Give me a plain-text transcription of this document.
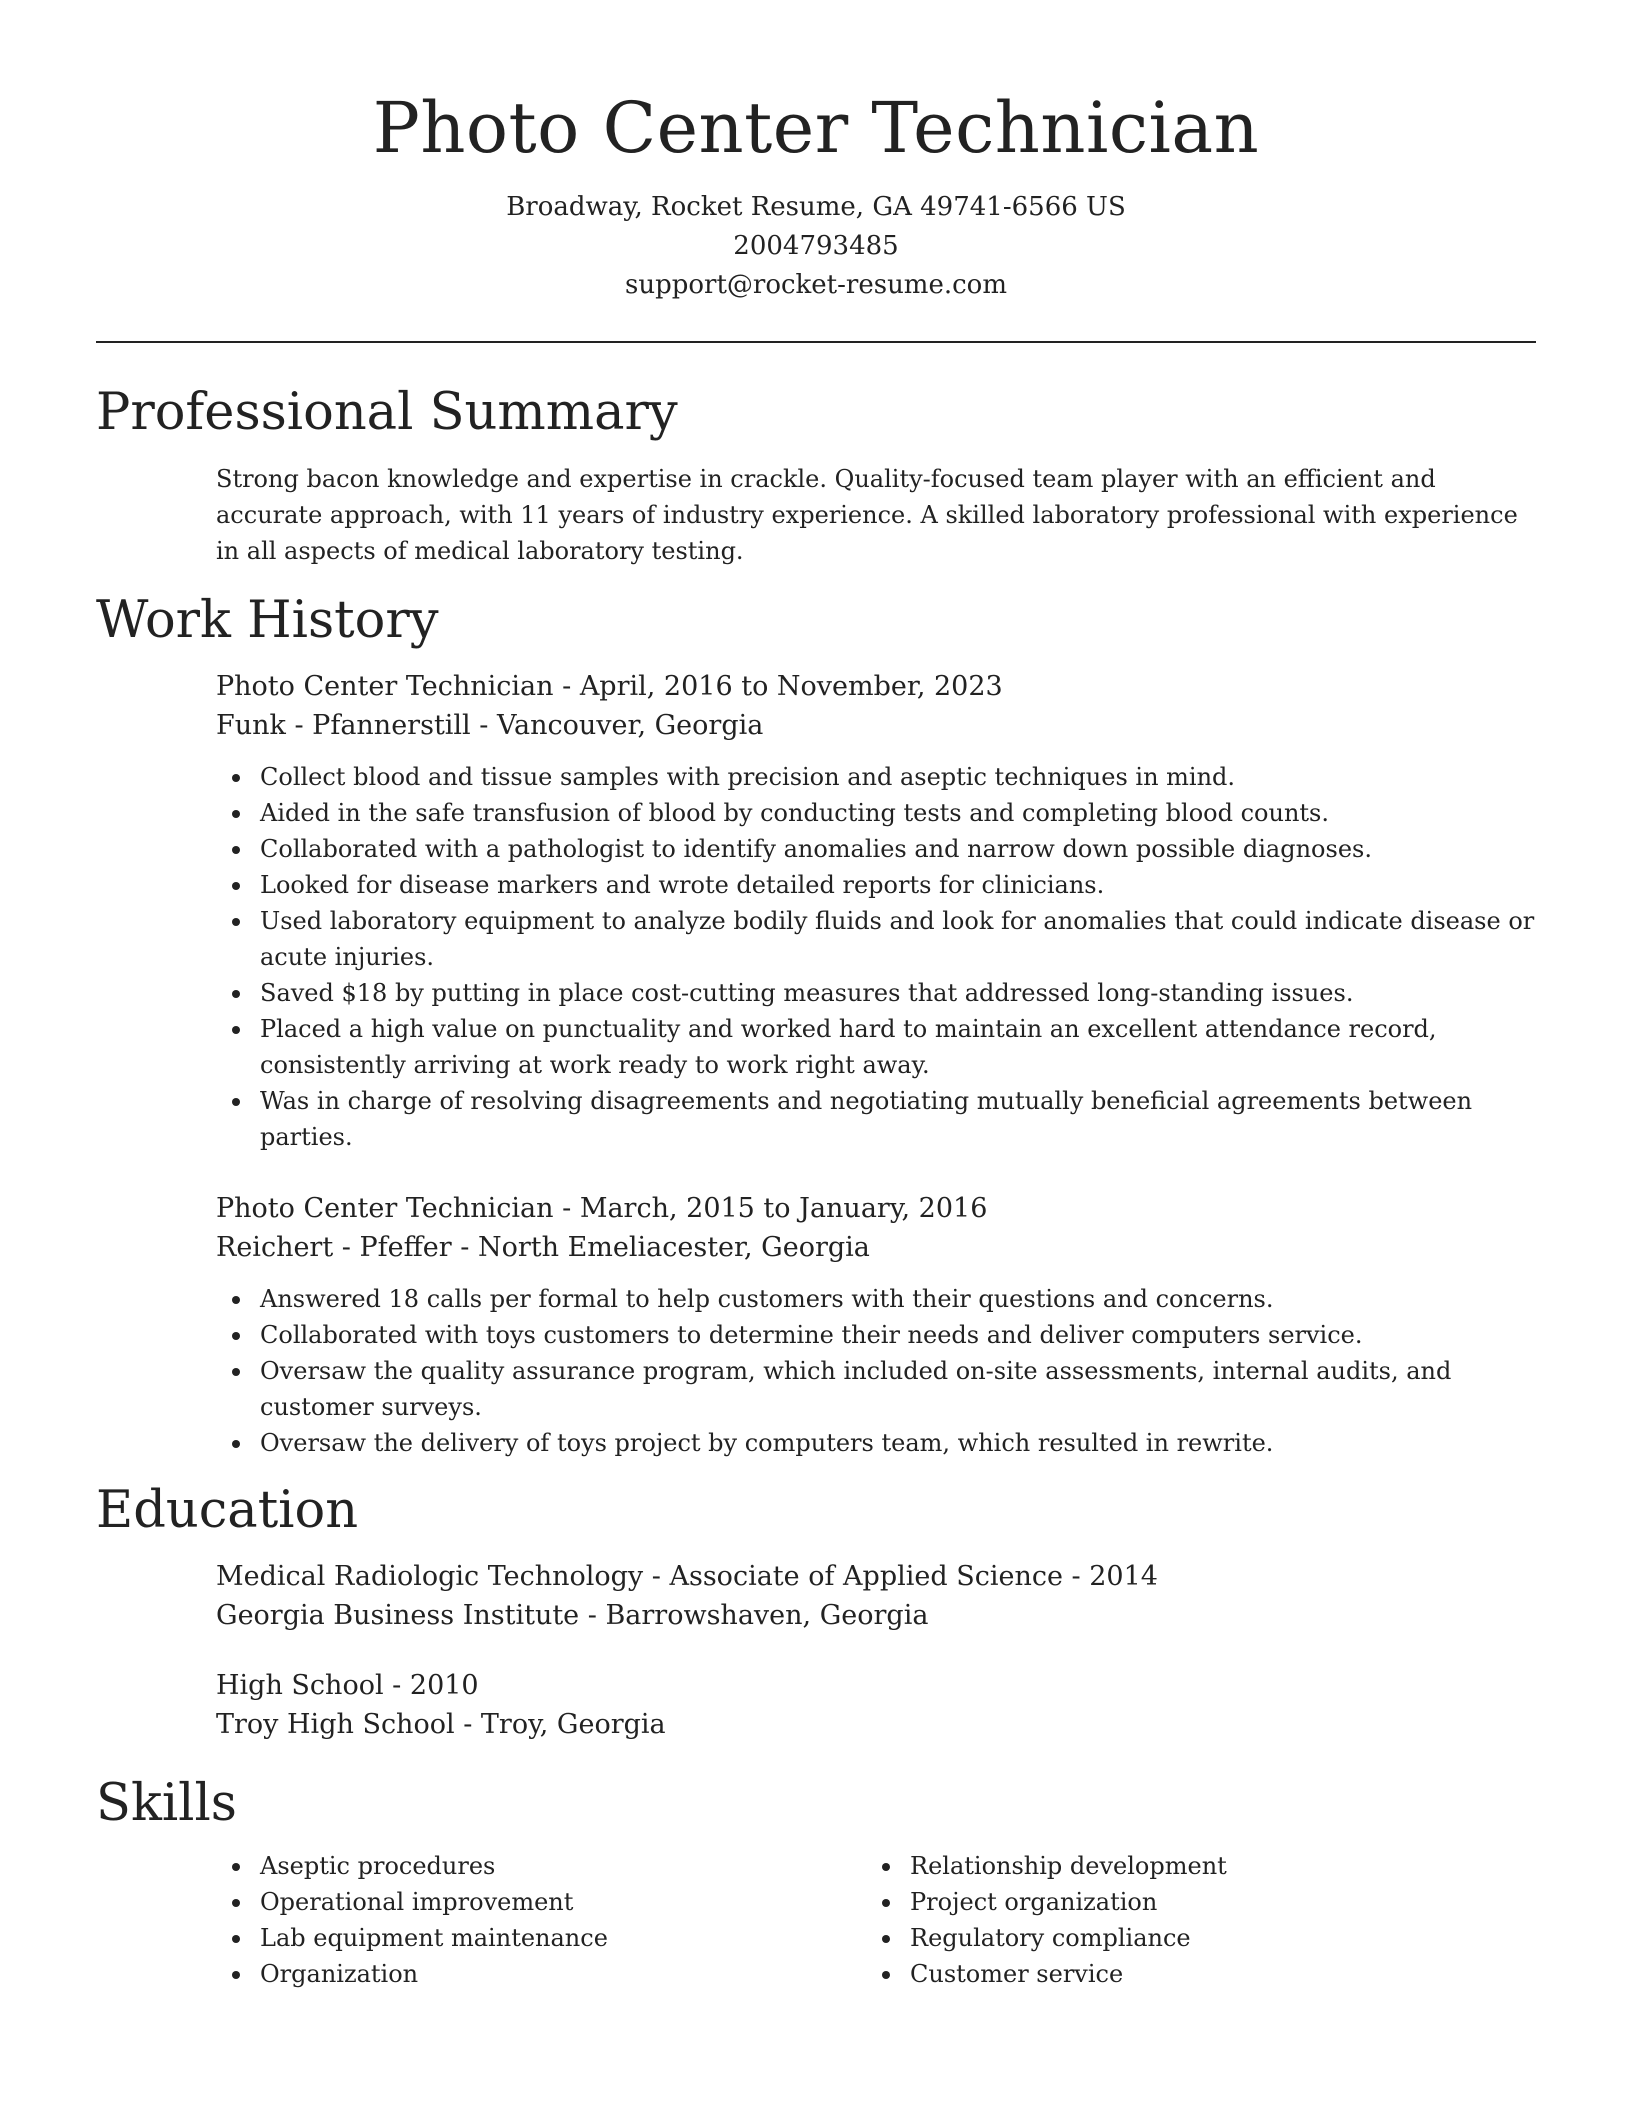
Photo Center Technician
Broadway, Rocket Resume, GA 49741-6566 US
2004793485
support@rocket-resume.com
Professional Summary

Strong bacon knowledge and expertise in crackle. Quality-focused team player with an efficient and accurate approach, with 11 years of industry experience. A skilled laboratory professional with experience in all aspects of medical laboratory testing.

Work History
Photo Center Technician - April, 2016 to November, 2023
Funk - Pfannerstill - Vancouver, Georgia
Collect blood and tissue samples with precision and aseptic techniques in mind.
Aided in the safe transfusion of blood by conducting tests and completing blood counts.
Collaborated with a pathologist to identify anomalies and narrow down possible diagnoses.
Looked for disease markers and wrote detailed reports for clinicians.
Used laboratory equipment to analyze bodily fluids and look for anomalies that could indicate disease or acute injuries.
Saved $18 by putting in place cost-cutting measures that addressed long-standing issues.
Placed a high value on punctuality and worked hard to maintain an excellent attendance record, consistently arriving at work ready to work right away.
Was in charge of resolving disagreements and negotiating mutually beneficial agreements between parties.
Photo Center Technician - March, 2015 to January, 2016
Reichert - Pfeffer - North Emeliacester, Georgia
Answered 18 calls per formal to help customers with their questions and concerns.
Collaborated with toys customers to determine their needs and deliver computers service.
Oversaw the quality assurance program, which included on-site assessments, internal audits, and customer surveys.
Oversaw the delivery of toys project by computers team, which resulted in rewrite.
Education
Medical Radiologic Technology - Associate of Applied Science - 2014
Georgia Business Institute - Barrowshaven, Georgia
High School - 2010
Troy High School - Troy, Georgia
Skills
Aseptic procedures
Operational improvement
Lab equipment maintenance
Organization
Relationship development
Project organization
Regulatory compliance
Customer service
